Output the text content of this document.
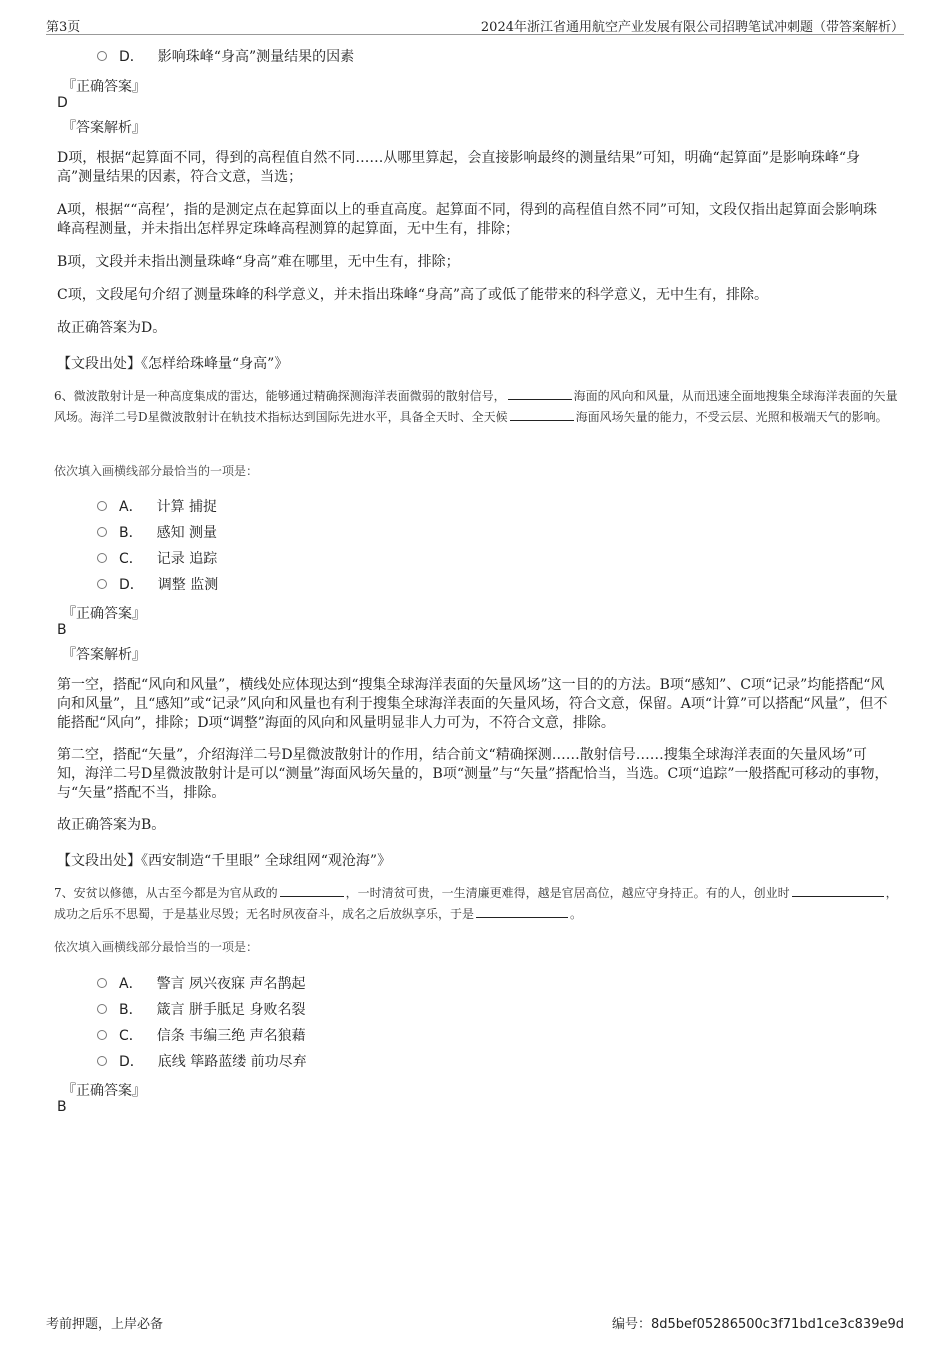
第3页	2024年浙江省通用航空产业发展有限公司招聘笔试冲刺题（带答案解析）
D． 影响珠峰“身高”测量结果的因素
『正确答案』
D
『答案解析』

D项，根据“起算面不同，得到的高程值自然不同……从哪里算起，会直接影响最终的测量结果”可知，明确“起算面”是影响珠峰“身高”测量结果的因素，符合文意，当选；

A项，根据““高程’，指的是测定点在起算面以上的垂直高度。起算面不同，得到的高程值自然不同”可知，文段仅指出起算面会影响珠峰高程测量，并未指出怎样界定珠峰高程测算的起算面，无中生有，排除；

B项，文段并未指出测量珠峰“身高”难在哪里，无中生有，排除；

C项，文段尾句介绍了测量珠峰的科学意义，并未指出珠峰“身高”高了或低了能带来的科学意义，无中生有，排除。

故正确答案为D。

【文段出处】《怎样给珠峰量“身高”》

6、微波散射计是一种高度集成的雷达，能够通过精确探测海洋表面微弱的散射信号，	海面的风向和风量，从而迅速全面地搜集全球海洋表面的矢量风场。海洋二号D星微波散射计在轨技术指标达到国际先进水平，具备全天时、全天候	海面风场矢量的能力，不受云层、光照和极端天气的影响。

依次填入画横线部分最恰当的一项是：
A． 计算 捕捉
B． 感知 测量
C． 记录 追踪
D． 调整 监测
『正确答案』
B
『答案解析』

第一空，搭配“风向和风量”，横线处应体现达到“搜集全球海洋表面的矢量风场”这一目的的方法。B项“感知”、C项“记录”均能搭配“风向和风量”，且“感知”或“记录”风向和风量也有利于搜集全球海洋表面的矢量风场，符合文意，保留。A项“计算”可以搭配“风量”，但不能搭配“风向”，排除；D项“调整”海面的风向和风量明显非人力可为，不符合文意，排除。

第二空，搭配“矢量”，介绍海洋二号D星微波散射计的作用，结合前文“精确探测……散射信号……搜集全球海洋表面的矢量风场”可知，海洋二号D星微波散射计是可以“测量”海面风场矢量的，B项“测量”与“矢量”搭配恰当，当选。C项“追踪”一般搭配可移动的事物，与“矢量”搭配不当，排除。

故正确答案为B。

【文段出处】《西安制造“千里眼” 全球组网“观沧海”》

7、安贫以修德，从古至今都是为官从政的	，一时清贫可贵，一生清廉更难得，越是官居高位，越应守身持正。有的人，创业时	，成功之后乐不思蜀，于是基业尽毁；无名时夙夜奋斗，成名之后放纵享乐，于是	。

依次填入画横线部分最恰当的一项是：
A． 警言 夙兴夜寐 声名鹊起
B． 箴言 胼手胝足 身败名裂
C． 信条 韦编三绝 声名狼藉
D． 底线 筚路蓝缕 前功尽弃
『正确答案』
B
考前押题，上岸必备	编号：8d5bef05286500c3f71bd1ce3c839e9d
